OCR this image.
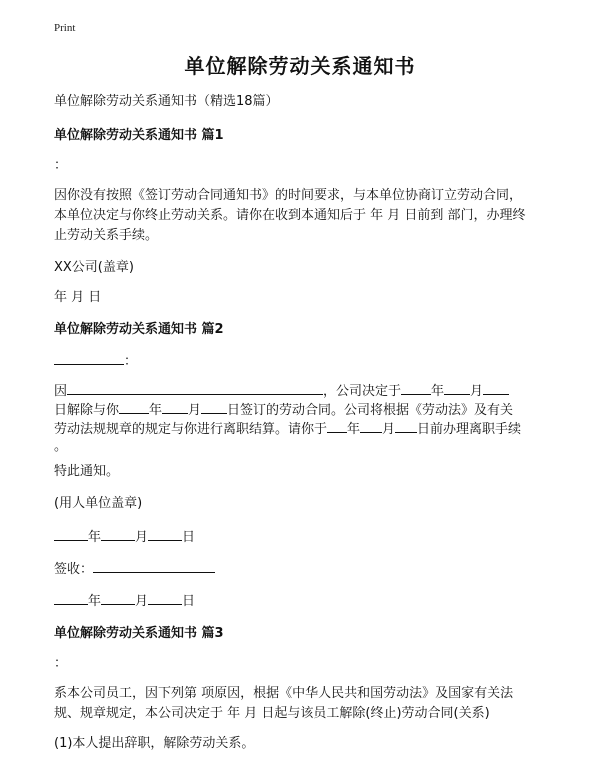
Print
单位解除劳动关系通知书
单位解除劳动关系通知书（精选18篇）
单位解除劳动关系通知书 篇1
：
因你没有按照《签订劳动合同通知书》的时间要求，与本单位协商订立劳动合同，
本单位决定与你终止劳动关系。请你在收到本通知后于 年 月 日前到 部门，办理终
止劳动关系手续。
XX公司(盖章)
年 月 日
单位解除劳动关系通知书 篇2
：
因	，公司决定于 年 月
日解除与你 年 月 日签订的劳动合同。公司将根据《劳动法》及有关
劳动法规规章的规定与你进行离职结算。请你于 年 月 日前办理离职手续
。
特此通知。
(用人单位盖章)
年	月	日
签收：
年	月	日
单位解除劳动关系通知书 篇3
：
系本公司员工，因下列第 项原因，根据《中华人民共和国劳动法》及国家有关法
规、规章规定，本公司决定于 年 月 日起与该员工解除(终止)劳动合同(关系)
(1)本人提出辞职，解除劳动关系。
